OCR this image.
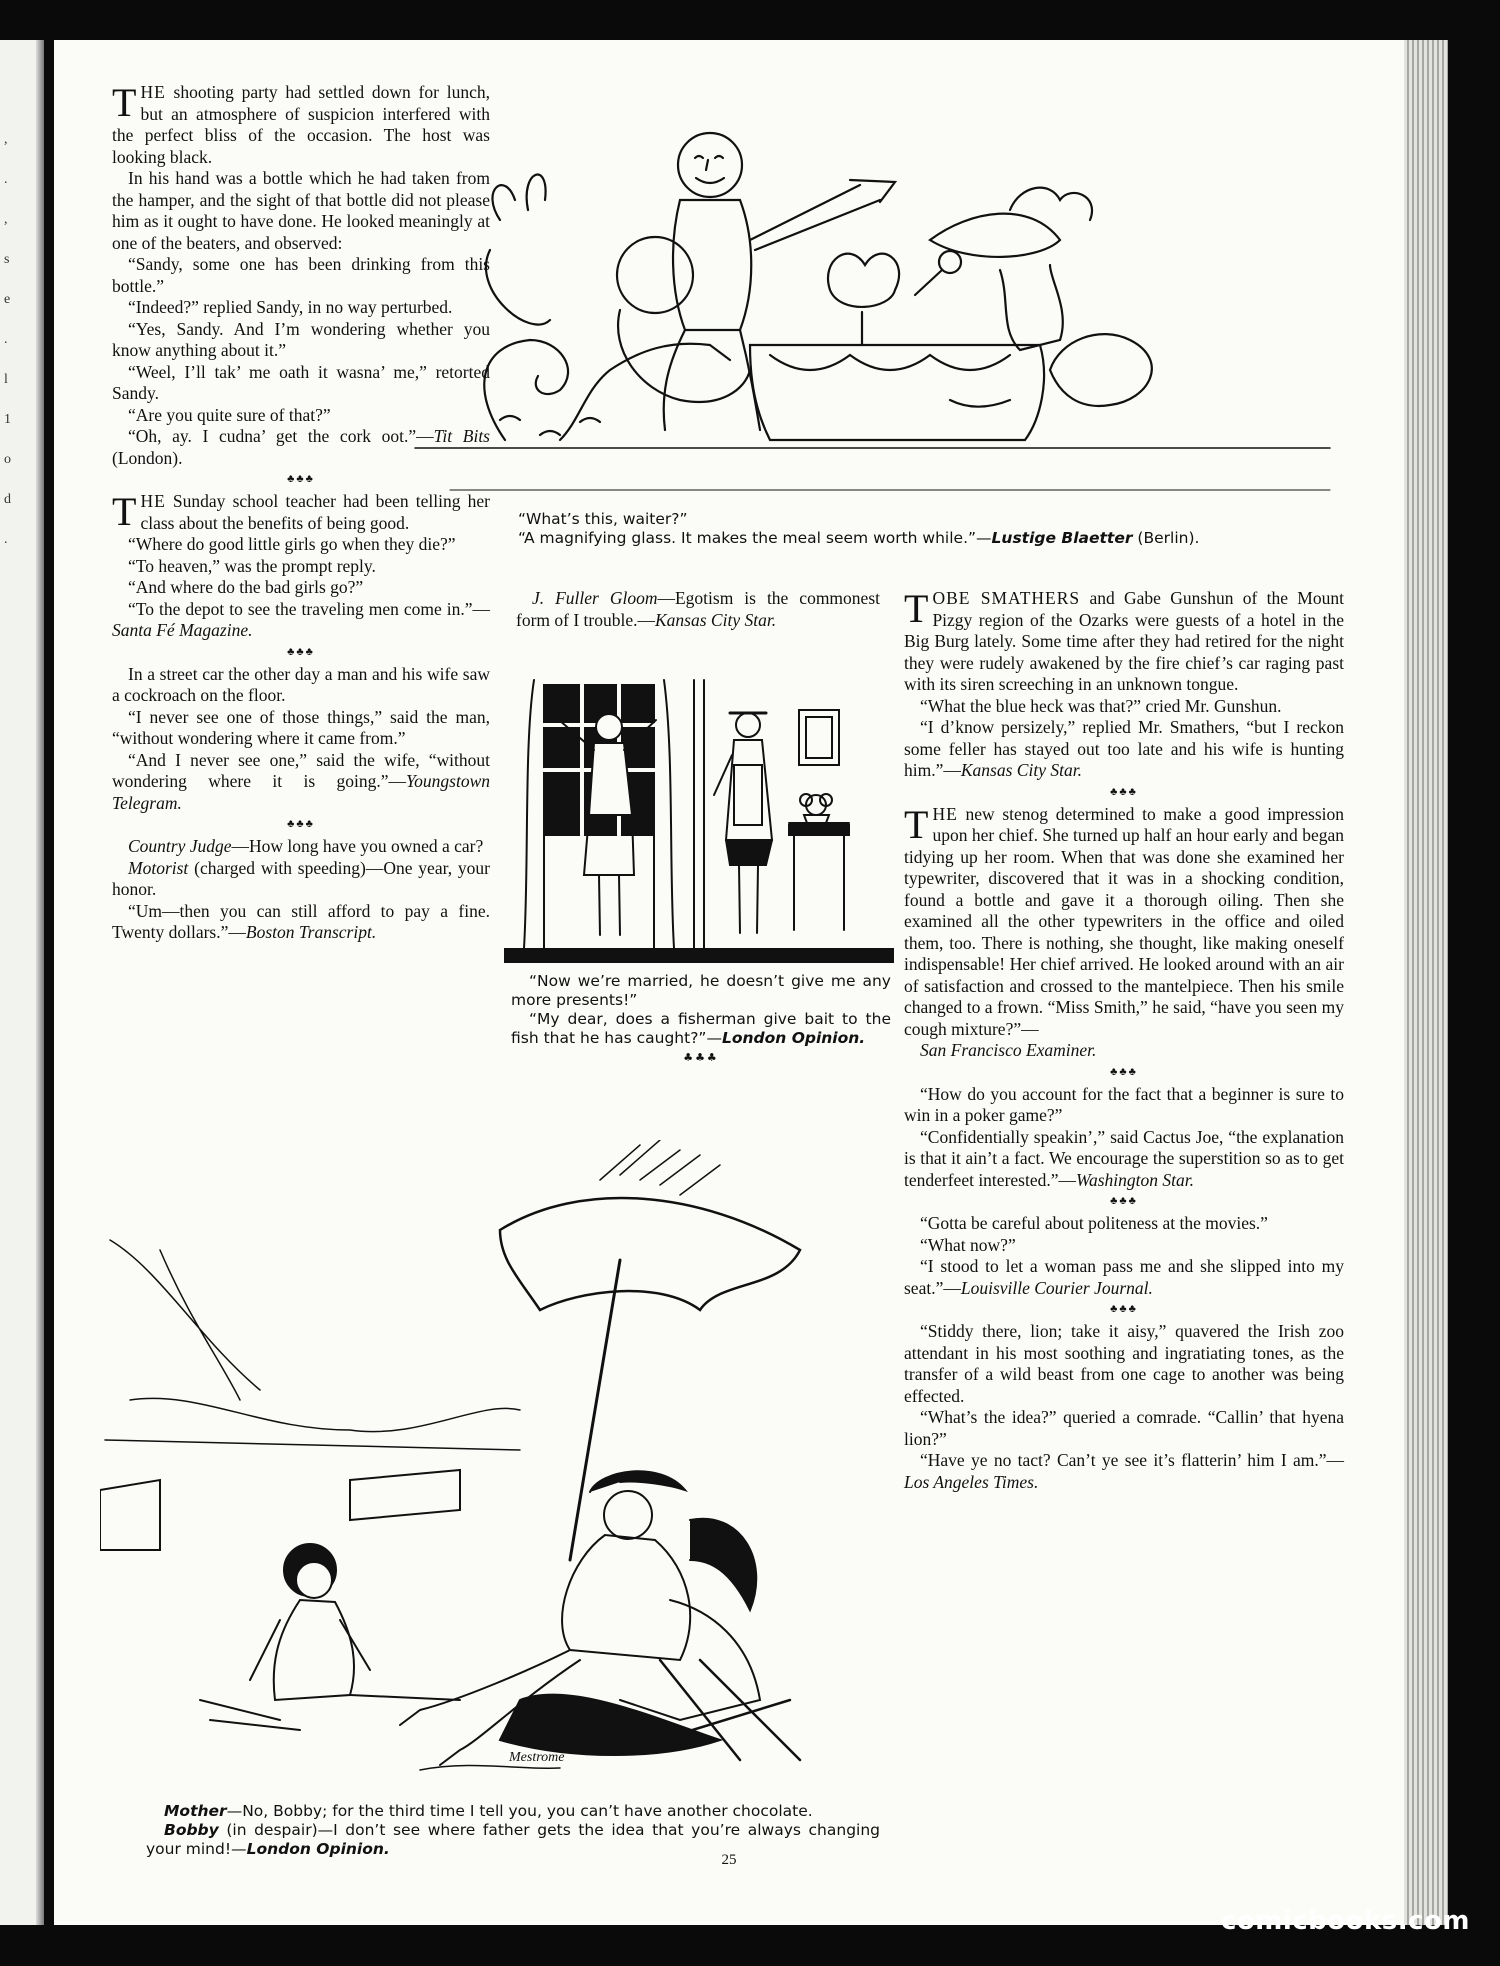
,
.
,
s
e
.
l
1
o
d
.

THE shooting party had settled down for lunch, but an atmosphere of suspicion interfered with the perfect bliss of the occasion. The host was looking black.

In his hand was a bottle which he had taken from the hamper, and the sight of that bottle did not please him as it ought to have done. He looked meaningly at one of the beaters, and observed:

“Sandy, some one has been drinking from this bottle.”

“Indeed?” replied Sandy, in no way perturbed.

“Yes, Sandy. And I’m wondering whether you know anything about it.”

“Weel, I’ll tak’ me oath it wasna’ me,” retorted Sandy.

“Are you quite sure of that?”

“Oh, ay. I cudna’ get the cork oot.”—Tit Bits (London).

♣♣♣

THE Sunday school teacher had been telling her class about the benefits of being good.

“Where do good little girls go when they die?”

“To heaven,” was the prompt reply.

“And where do the bad girls go?”

“To the depot to see the traveling men come in.”—Santa Fé Magazine.

♣♣♣

In a street car the other day a man and his wife saw a cockroach on the floor.

“I never see one of those things,” said the man, “without wondering where it came from.”

“And I never see one,” said the wife, “without wondering where it is going.”—Youngstown Telegram.

♣♣♣

Country Judge—How long have you owned a car?

Motorist (charged with speeding)—One year, your honor.

“Um—then you can still afford to pay a fine. Twenty dollars.”—Boston Transcript.

“What’s this, waiter?”

“A magnifying glass. It makes the meal seem worth while.”—Lustige Blaetter (Berlin).

J. Fuller Gloom—Egotism is the commonest form of I trouble.—Kansas City Star.

“Now we’re married, he doesn’t give me any more presents!”

“My dear, does a fisherman give bait to the fish that he has caught?”—London Opinion.

♣♣♣

TOBE SMATHERS and Gabe Gunshun of the Mount Pizgy region of the Ozarks were guests of a hotel in the Big Burg lately. Some time after they had retired for the night they were rudely awakened by the fire chief’s car raging past with its siren screeching in an unknown tongue.

“What the blue heck was that?” cried Mr. Gunshun.

“I d’know persizely,” replied Mr. Smathers, “but I reckon some feller has stayed out too late and his wife is hunting him.”—Kansas City Star.

♣♣♣

THE new stenog determined to make a good impression upon her chief. She turned up half an hour early and began tidying up her room. When that was done she examined her typewriter, discovered that it was in a shocking condition, found a bottle and gave it a thorough oiling. Then she examined all the other typewriters in the office and oiled them, too. There is nothing, she thought, like making oneself indispensable! Her chief arrived. He looked around with an air of satisfaction and crossed to the mantelpiece. Then his smile changed to a frown. “Miss Smith,” he said, “have you seen my cough mixture?”—

San Francisco Examiner.

♣♣♣

“How do you account for the fact that a beginner is sure to win in a poker game?”

“Confidentially speakin’,” said Cactus Joe, “the explanation is that it ain’t a fact. We encourage the superstition so as to get tenderfeet interested.”—Washington Star.

♣♣♣

“Gotta be careful about politeness at the movies.”

“What now?”

“I stood to let a woman pass me and she slipped into my seat.”—Louisville Courier Journal.

♣♣♣

“Stiddy there, lion; take it aisy,” quavered the Irish zoo attendant in his most soothing and ingratiating tones, as the transfer of a wild beast from one cage to another was being effected.

“What’s the idea?” queried a comrade. “Callin’ that hyena lion?”

“Have ye no tact? Can’t ye see it’s flatterin’ him I am.”—Los Angeles Times.

Mestrome

Mother—No, Bobby; for the third time I tell you, you can’t have another chocolate.

Bobby (in despair)—I don’t see where father gets the idea that you’re always changing your mind!—London Opinion.

25
comicbooks.com
